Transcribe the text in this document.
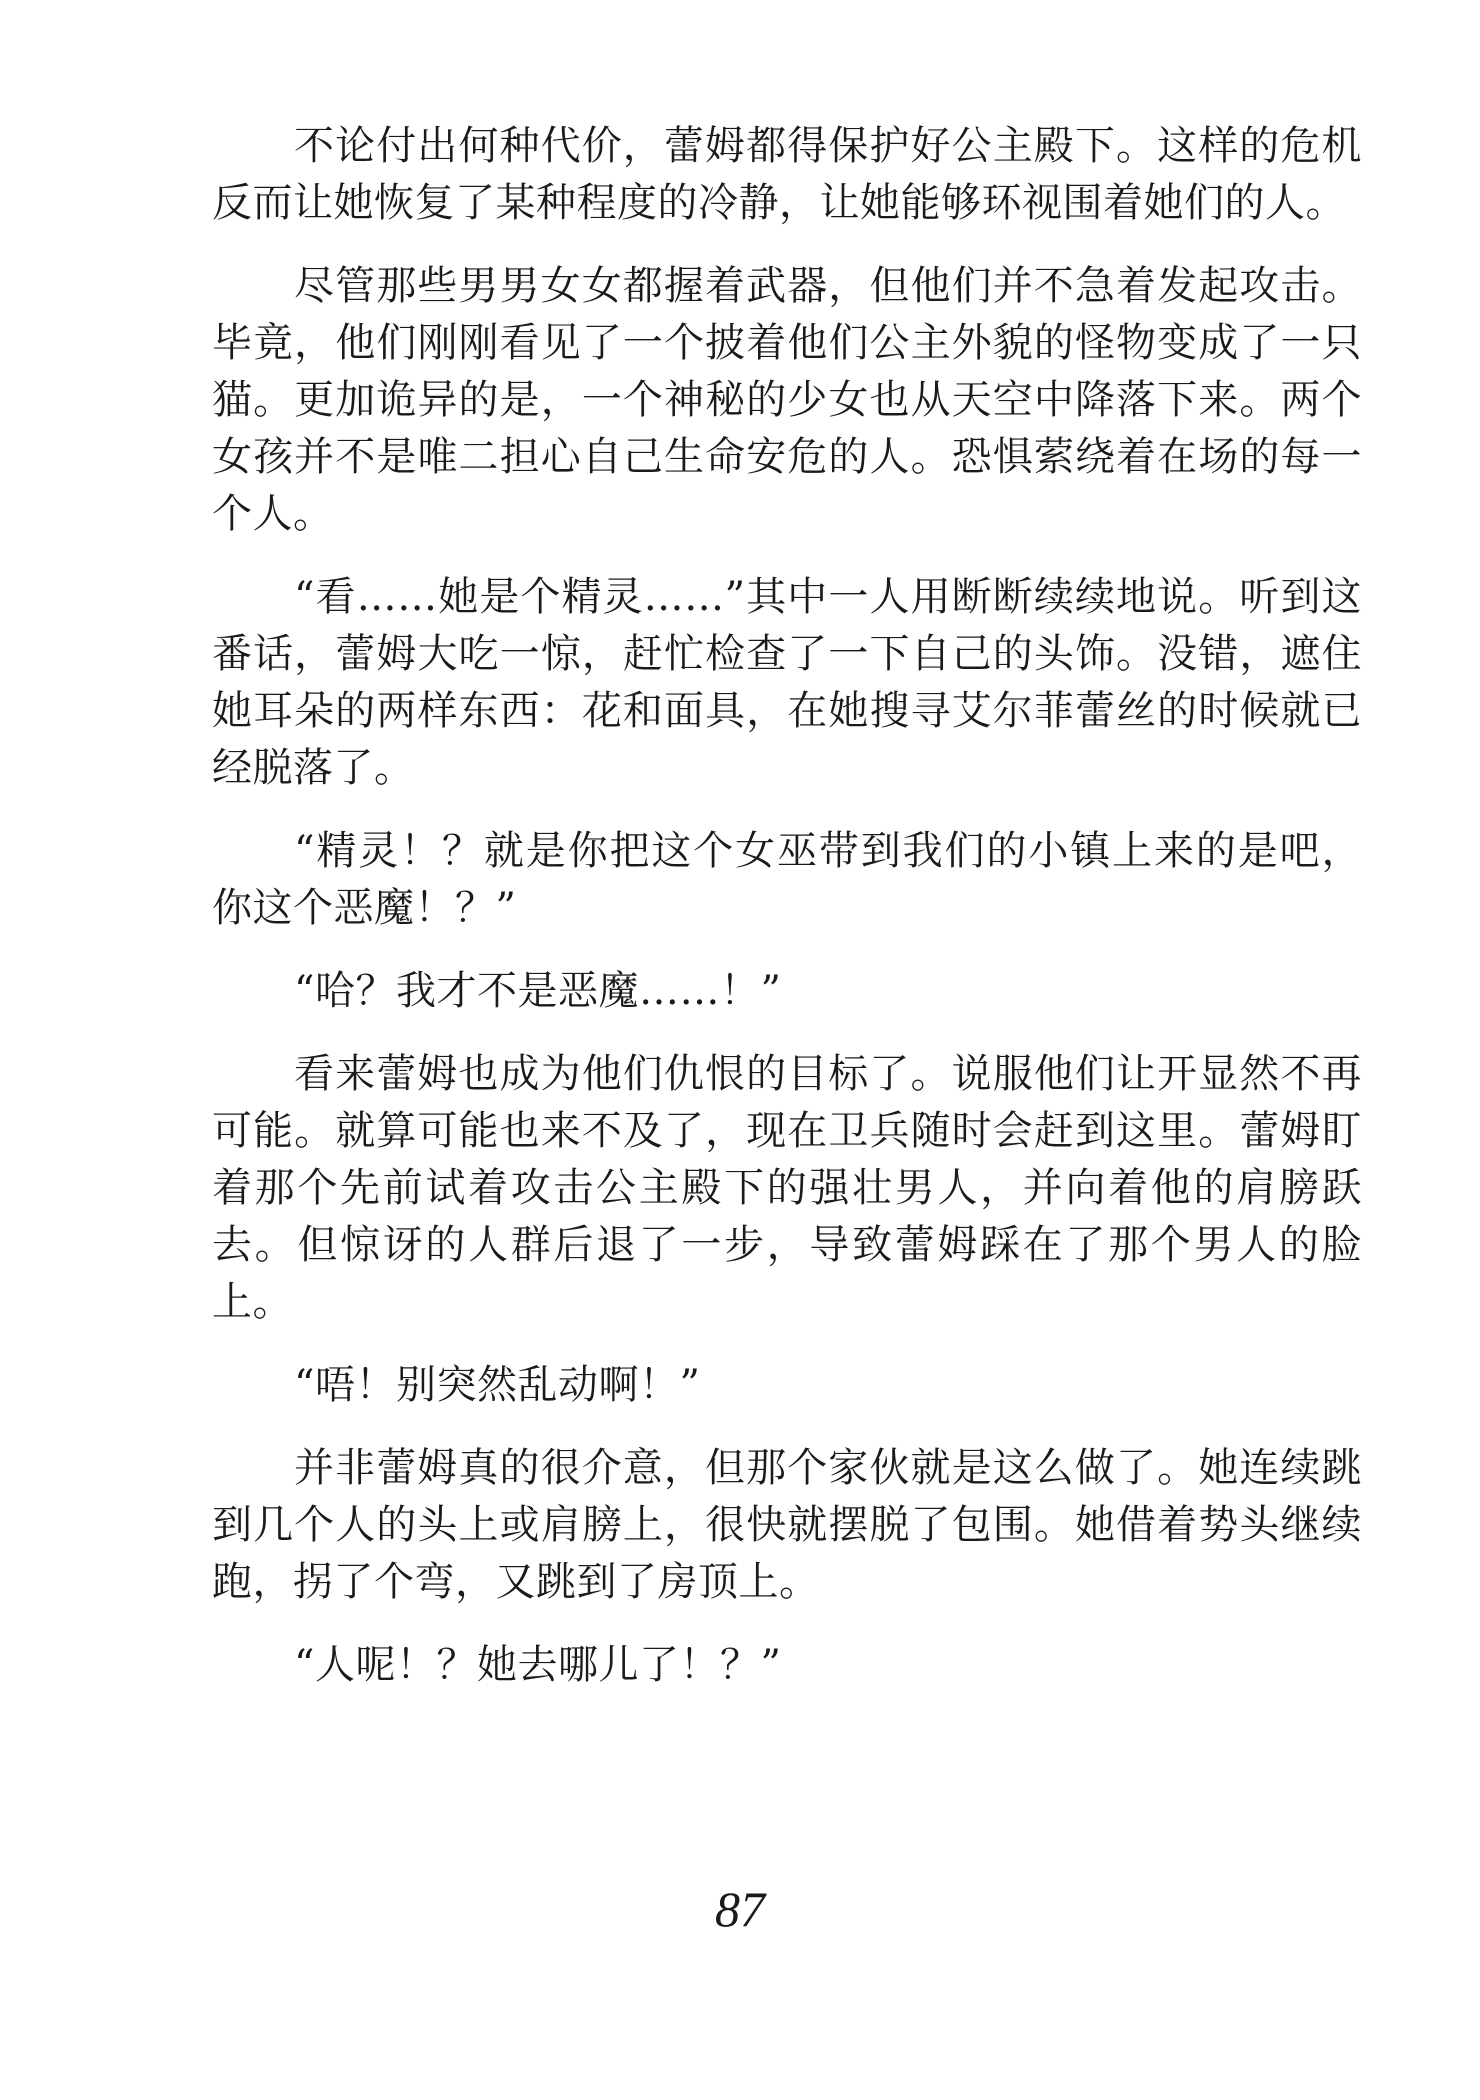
不论付出何种代价，蕾姆都得保护好公主殿下。这样的危机反而让她恢复了某种程度的冷静，让她能够环视围着她们的人。

尽管那些男男女女都握着武器，但他们并不急着发起攻击。毕竟，他们刚刚看见了一个披着他们公主外貌的怪物变成了一只猫。更加诡异的是，一个神秘的少女也从天空中降落下来。两个女孩并不是唯二担心自己生命安危的人。恐惧萦绕着在场的每一个人。

“看……她是个精灵……”其中一人用断断续续地说。听到这番话，蕾姆大吃一惊，赶忙检查了一下自己的头饰。没错，遮住她耳朵的两样东西：花和面具，在她搜寻艾尔菲蕾丝的时候就已经脱落了。

“精灵！？就是你把这个女巫带到我们的小镇上来的是吧，你这个恶魔！？”

“哈？我才不是恶魔……！”

看来蕾姆也成为他们仇恨的目标了。说服他们让开显然不再可能。就算可能也来不及了，现在卫兵随时会赶到这里。蕾姆盯着那个先前试着攻击公主殿下的强壮男人，并向着他的肩膀跃去。但惊讶的人群后退了一步，导致蕾姆踩在了那个男人的脸上。

“唔！别突然乱动啊！”

并非蕾姆真的很介意，但那个家伙就是这么做了。她连续跳到几个人的头上或肩膀上，很快就摆脱了包围。她借着势头继续跑，拐了个弯，又跳到了房顶上。

“人呢！？她去哪儿了！？”

87
